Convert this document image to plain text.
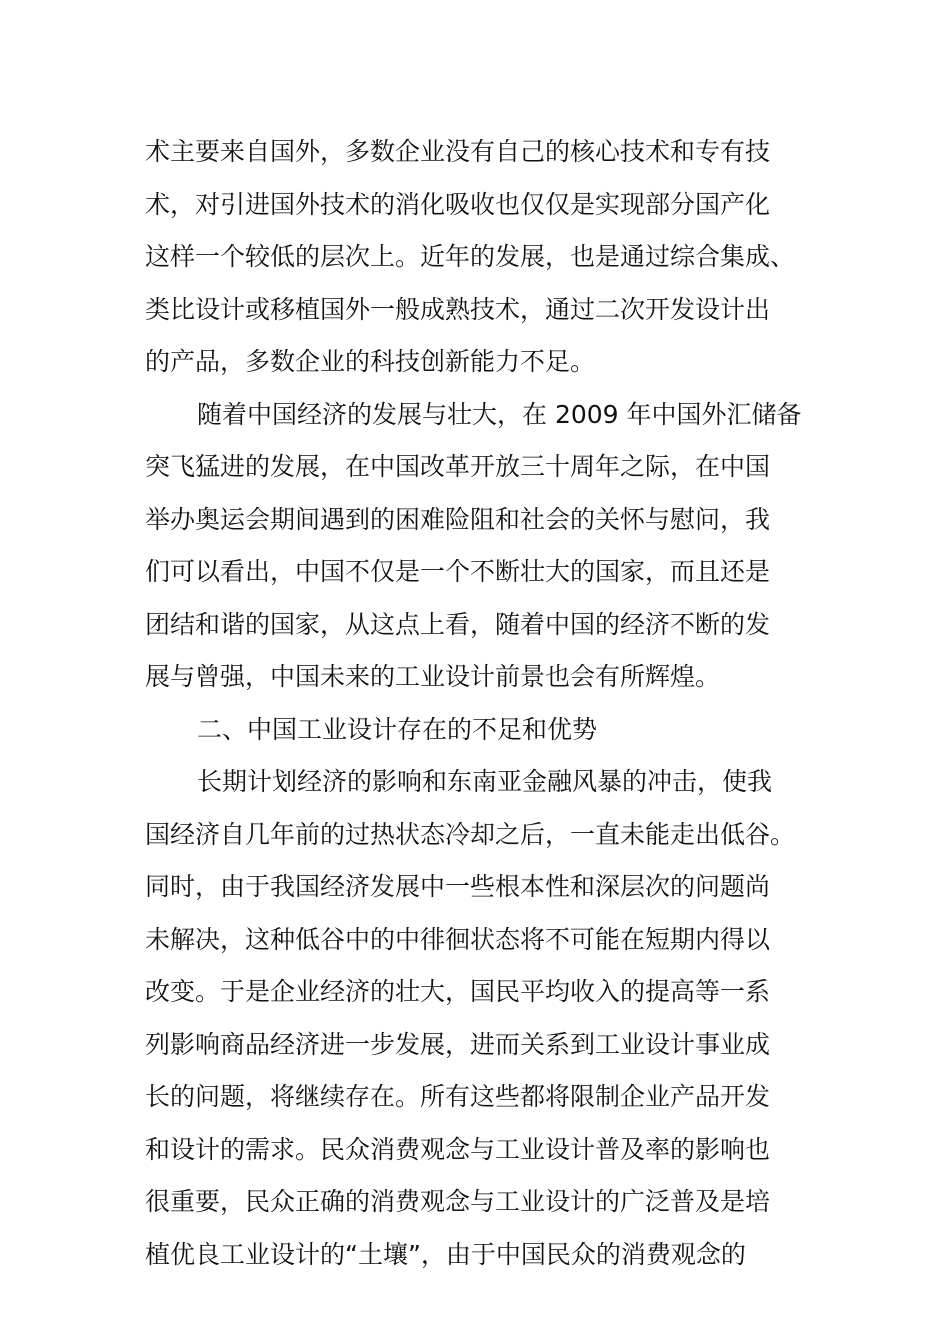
术主要来自国外，多数企业没有自己的核心技术和专有技
术，对引进国外技术的消化吸收也仅仅是实现部分国产化
这样一个较低的层次上。近年的发展，也是通过综合集成、
类比设计或移植国外一般成熟技术，通过二次开发设计出
的产品，多数企业的科技创新能力不足。
随着中国经济的发展与壮大，在 2009 年中国外汇储备
突飞猛进的发展，在中国改革开放三十周年之际，在中国
举办奥运会期间遇到的困难险阻和社会的关怀与慰问，我
们可以看出，中国不仅是一个不断壮大的国家，而且还是
团结和谐的国家，从这点上看，随着中国的经济不断的发
展与曾强，中国未来的工业设计前景也会有所辉煌。
二、中国工业设计存在的不足和优势
长期计划经济的影响和东南亚金融风暴的冲击，使我
国经济自几年前的过热状态冷却之后，一直未能走出低谷。
同时，由于我国经济发展中一些根本性和深层次的问题尚
未解决，这种低谷中的中徘徊状态将不可能在短期内得以
改变。于是企业经济的壮大，国民平均收入的提高等一系
列影响商品经济进一步发展，进而关系到工业设计事业成
长的问题，将继续存在。所有这些都将限制企业产品开发
和设计的需求。民众消费观念与工业设计普及率的影响也
很重要，民众正确的消费观念与工业设计的广泛普及是培
植优良工业设计的“土壤”，由于中国民众的消费观念的
